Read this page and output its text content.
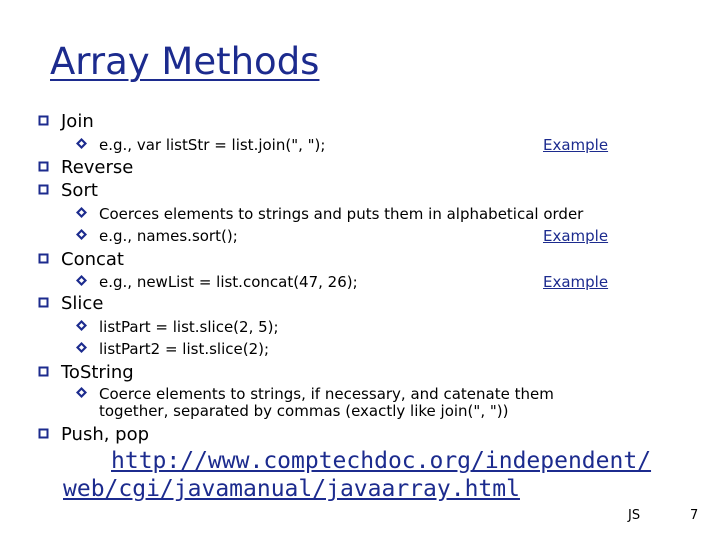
Array Methods
Join
e.g., var listStr = list.join(", ");	Example
Reverse
Sort
Coerces elements to strings and puts them in alphabetical order
e.g., names.sort();	Example
Concat
e.g., newList = list.concat(47, 26);	Example
Slice
listPart = list.slice(2, 5);
listPart2 = list.slice(2);
ToString
Coerce elements to strings, if necessary, and catenate them
together, separated by commas (exactly like join(", "))
Push, pop
http://www.comptechdoc.org/independent/
web/cgi/javamanual/javaarray.html
JS	7
